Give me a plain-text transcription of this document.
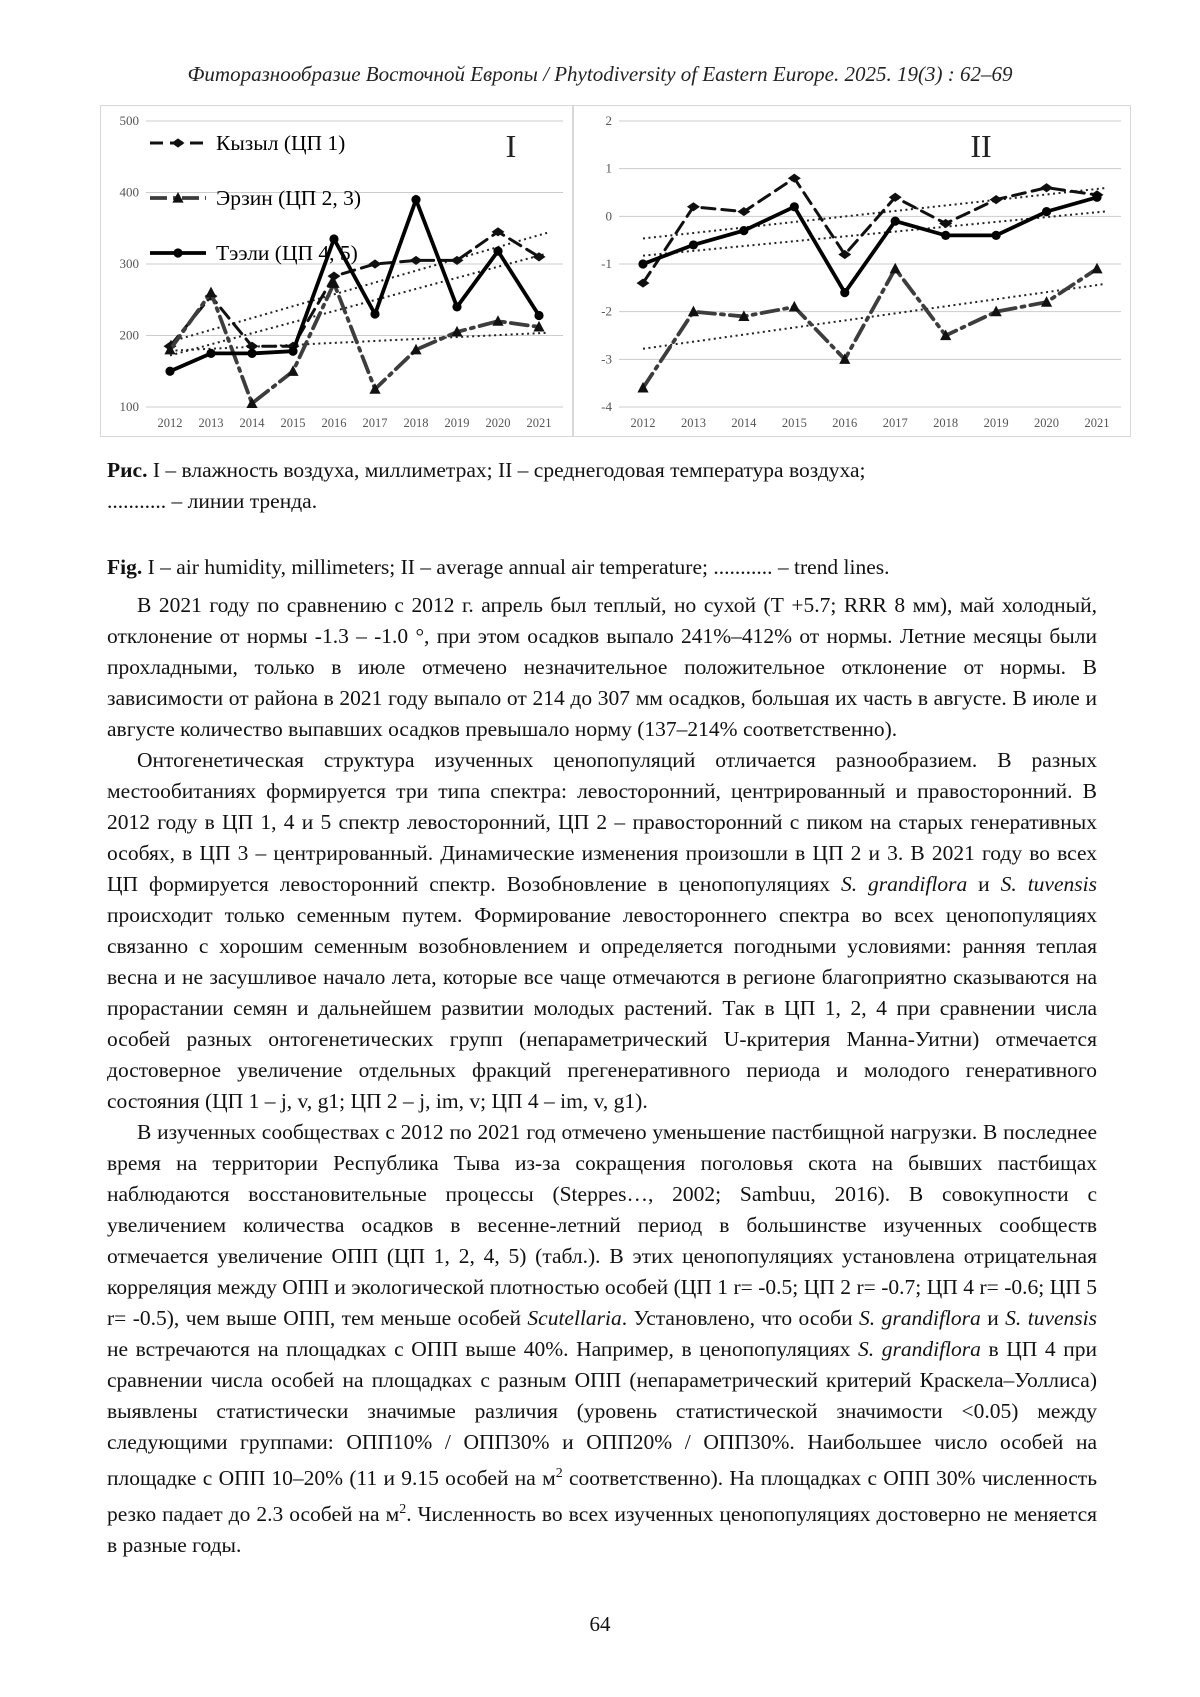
Фиторазнообразие Восточной Европы / Phytodiversity of Eastern Europe. 2025. 19(3) : 62–69
100
200
300
400
500
2012 2013 2014 2015 2016 2017 2018 2019 2020 2021
I
Кызыл (ЦП 1)
Эрзин (ЦП 2, 3)
Тээли (ЦП 4, 5)
-4
-3
-2
-1
0
1
2
2012 2013 2014 2015 2016 2017 2018 2019 2020 2021
II
Рис. I – влажность воздуха, миллиметрах; II – среднегодовая температура воздуха;
........... – линии тренда.
Fig. I – air humidity, millimeters; II – average annual air temperature; ........... – trend lines.

В 2021 году по сравнению с 2012 г. апрель был теплый, но сухой (Т +5.7; RRR 8 мм), май холодный, отклонение от нормы -1.3 – -1.0 °, при этом осадков выпало 241%–412% от нормы. Летние месяцы были прохладными, только в июле отмечено незначительное положительное отклонение от нормы. В зависимости от района в 2021 году выпало от 214 до 307 мм осадков, большая их часть в августе. В июле и августе количество выпавших осадков превышало норму (137–214% соответственно).

Онтогенетическая структура изученных ценопопуляций отличается разнообразием. В разных местообитаниях формируется три типа спектра: левосторонний, центрированный и правосторонний. В 2012 году в ЦП 1, 4 и 5 спектр левосторонний, ЦП 2 – правосторонний с пиком на старых генеративных особях, в ЦП 3 – центрированный. Динамические изменения произошли в ЦП 2 и 3. В 2021 году во всех ЦП формируется левосторонний спектр. Возобновление в ценопопуляциях S. grandiflora и S. tuvensis происходит только семенным путем. Формирование левостороннего спектра во всех ценопопуляциях связанно с хорошим семенным возобновлением и определяется погодными условиями: ранняя теплая весна и не засушливое начало лета, которые все чаще отмечаются в регионе благоприятно сказываются на прорастании семян и дальнейшем развитии молодых растений. Так в ЦП 1, 2, 4 при сравнении числа особей разных онтогенетических групп (непараметрический U-критерия Манна-Уитни) отмечается достоверное увеличение отдельных фракций прегенеративного периода и молодого генеративного состояния (ЦП 1 – j, v, g1; ЦП 2 – j, im, v; ЦП 4 – im, v, g1).

В изученных сообществах с 2012 по 2021 год отмечено уменьшение пастбищной нагрузки. В последнее время на территории Республика Тыва из-за сокращения поголовья скота на бывших пастбищах наблюдаются восстановительные процессы (Steppes…, 2002; Sambuu, 2016). В совокупности с увеличением количества осадков в весенне-летний период в большинстве изученных сообществ отмечается увеличение ОПП (ЦП 1, 2, 4, 5) (табл.). В этих ценопопуляциях установлена отрицательная корреляция между ОПП и экологической плотностью особей (ЦП 1 r= -0.5; ЦП 2 r= -0.7; ЦП 4 r= -0.6; ЦП 5 r= -0.5), чем выше ОПП, тем меньше особей Scutellaria. Установлено, что особи S. grandiflora и S. tuvensis не встречаются на площадках с ОПП выше 40%. Например, в ценопопуляциях S. grandiflora в ЦП 4 при сравнении числа особей на площадках с разным ОПП (непараметрический критерий Краскела–Уоллиса) выявлены статистически значимые различия (уровень статистической значимости <0.05) между следующими группами: ОПП10% / ОПП30% и ОПП20% / ОПП30%. Наибольшее число особей на площадке с ОПП 10–20% (11 и 9.15 особей на $м^2$ соответственно). На площадках с ОПП 30% численность резко падает до 2.3 особей на $м^2$. Численность во всех изученных ценопопуляциях достоверно не меняется в разные годы.

64
